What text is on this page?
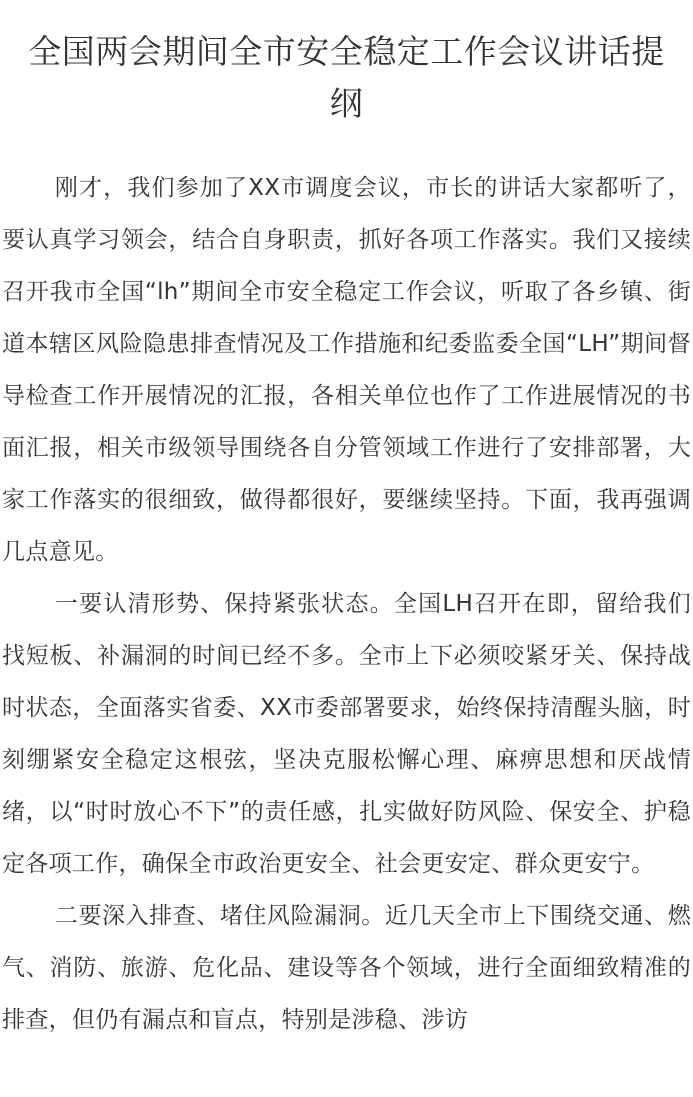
全国两会期间全市安全稳定工作会议讲话提
纲

刚才，我们参加了XX市调度会议，市长的讲话大家都听了，要认真学习领会，结合自身职责，抓好各项工作落实。我们又接续召开我市全国“lh”期间全市安全稳定工作会议，听取了各乡镇、街道本辖区风险隐患排查情况及工作措施和纪委监委全国“LH”期间督导检查工作开展情况的汇报，各相关单位也作了工作进展情况的书面汇报，相关市级领导围绕各自分管领域工作进行了安排部署，大家工作落实的很细致，做得都很好，要继续坚持。下面，我再强调几点意见。

一要认清形势、保持紧张状态。全国LH召开在即，留给我们找短板、补漏洞的时间已经不多。全市上下必须咬紧牙关、保持战时状态，全面落实省委、XX市委部署要求，始终保持清醒头脑，时刻绷紧安全稳定这根弦，坚决克服松懈心理、麻痹思想和厌战情绪，以“时时放心不下”的责任感，扎实做好防风险、保安全、护稳定各项工作，确保全市政治更安全、社会更安定、群众更安宁。

二要深入排查、堵住风险漏洞。近几天全市上下围绕交通、燃气、消防、旅游、危化品、建设等各个领域，进行全面细致精准的排查，但仍有漏点和盲点，特别是涉稳、涉访
